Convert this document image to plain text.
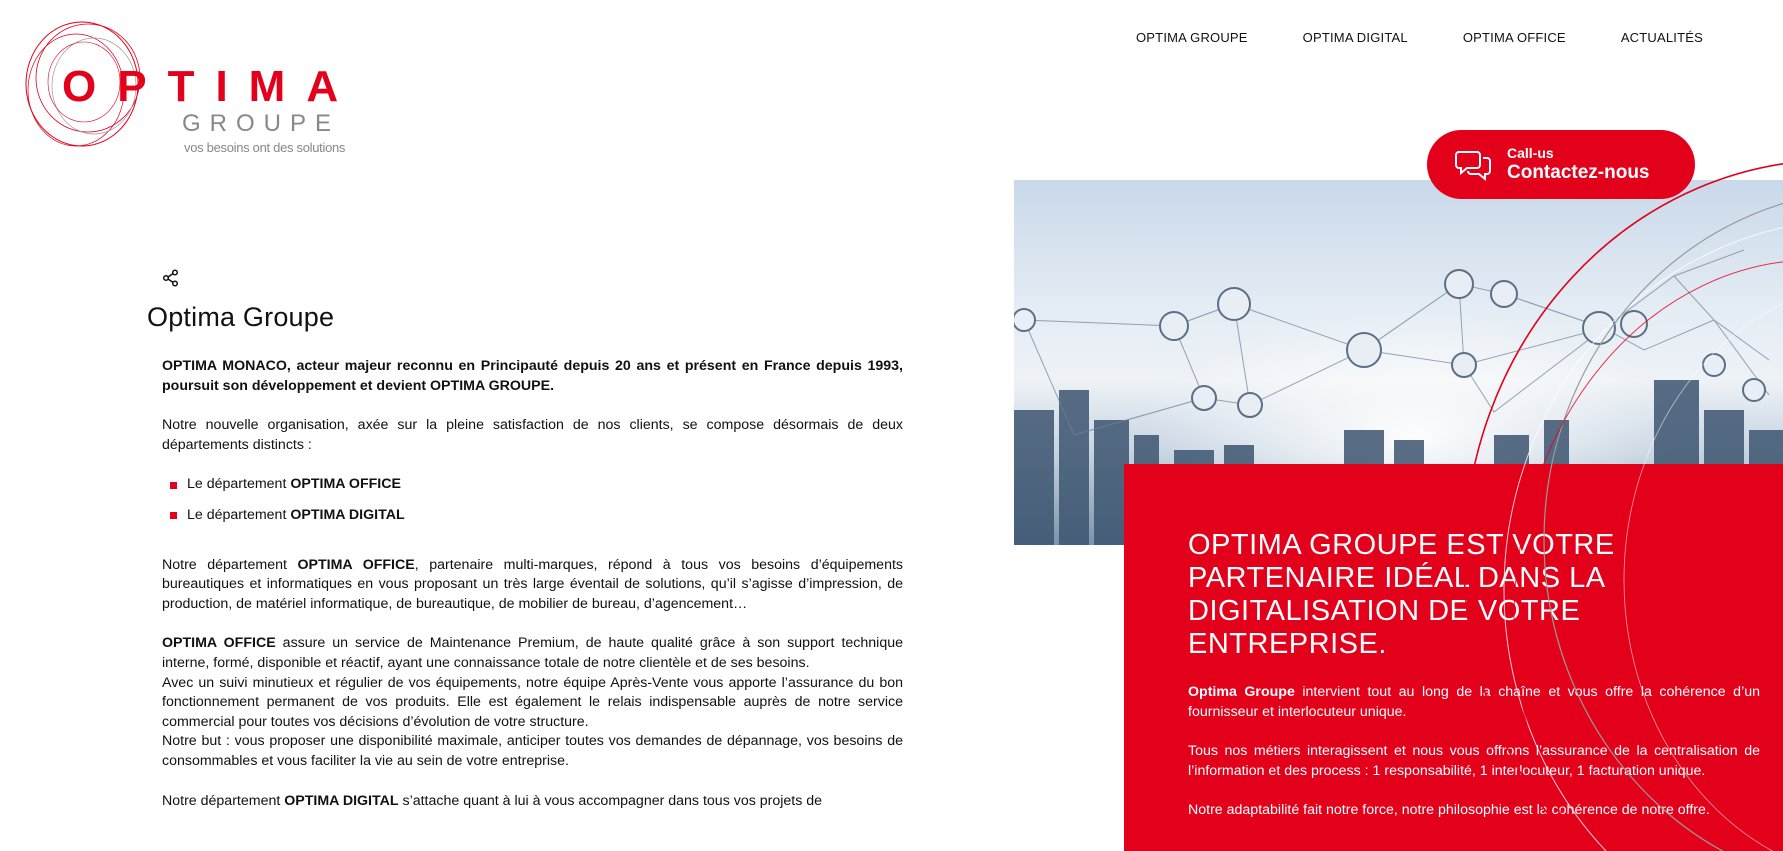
OPTIMA
GROUPE
vos besoins ont des solutions
OPTIMA GROUPE	OPTIMA DIGITAL	OPTIMA OFFICE	ACTUALITÉS
OPTIMA GROUPE EST VOTRE PARTENAIRE IDÉAL DANS LA DIGITALISATION DE VOTRE ENTREPRISE.

Optima Groupe intervient tout au long de la chaîne et vous offre la cohérence d’un fournisseur et interlocuteur unique.

Tous nos métiers interagissent et nous vous offrons l’assurance de la centralisation de l’information et des process : 1 responsabilité, 1 interlocuteur, 1 facturation unique.

Notre adaptabilité fait notre force, notre philosophie est la cohérence de notre offre.

Call-us
Contactez-nous
Optima Groupe

OPTIMA MONACO, acteur majeur reconnu en Principauté depuis 20 ans et présent en France depuis 1993, poursuit son développement et devient OPTIMA GROUPE.

Notre nouvelle organisation, axée sur la pleine satisfaction de nos clients, se compose désormais de deux départements distincts :

Le département
OPTIMA OFFICE
Le département
OPTIMA DIGITAL

Notre département OPTIMA OFFICE, partenaire multi-marques, répond à tous vos besoins d’équipements bureautiques et informatiques en vous proposant un très large éventail de solutions, qu’il s’agisse d’impression, de production, de matériel informatique, de bureautique, de mobilier de bureau, d’agencement…

OPTIMA OFFICE assure un service de Maintenance Premium, de haute qualité grâce à son support technique interne, formé, disponible et réactif, ayant une connaissance totale de notre clientèle et de ses besoins.

Avec un suivi minutieux et régulier de vos équipements, notre équipe Après-Vente vous apporte l’assurance du bon fonctionnement permanent de vos produits. Elle est également le relais indispensable auprès de notre service commercial pour toutes vos décisions d’évolution de votre structure.

Notre but : vous proposer une disponibilité maximale, anticiper toutes vos demandes de dépannage, vos besoins de consommables et vous faciliter la vie au sein de votre entreprise.

Notre département OPTIMA DIGITAL s’attache quant à lui à vous accompagner dans tous vos projets de
